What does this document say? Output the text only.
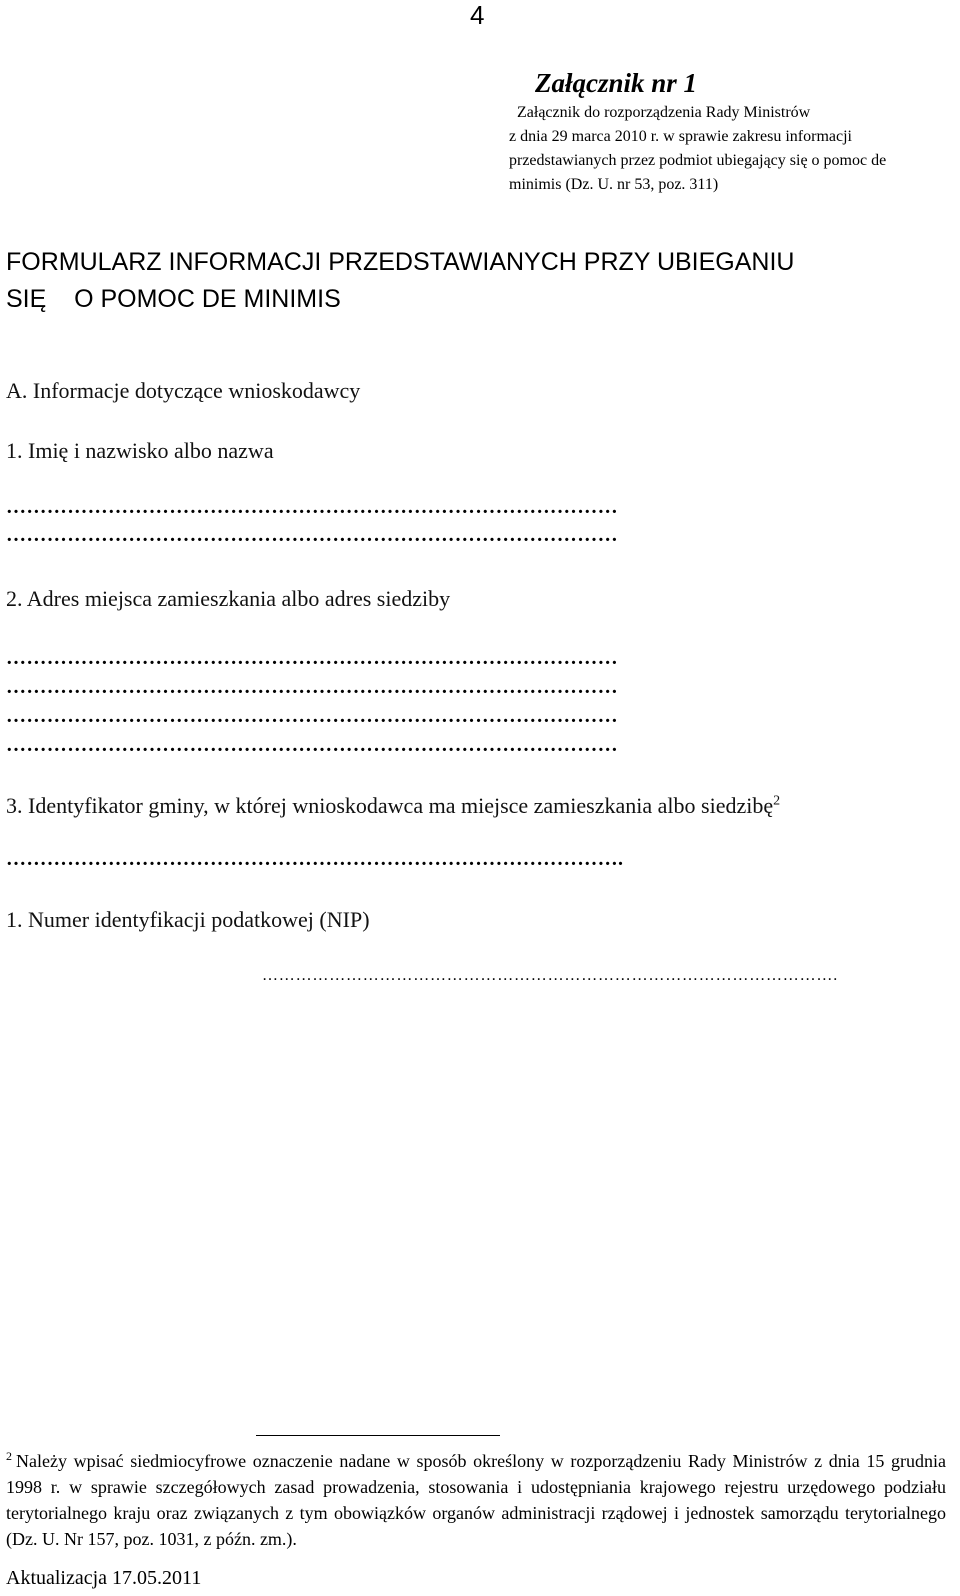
4
Załącznik nr 1
Załącznik do rozporządzenia Rady Ministrów
z dnia 29 marca 2010 r. w sprawie zakresu informacji
przedstawianych przez podmiot ubiegający się o pomoc de
minimis (Dz. U. nr 53, poz. 311)
FORMULARZ INFORMACJI PRZEDSTAWIANYCH PRZY UBIEGANIU
SIĘ    O POMOC DE MINIMIS
A. Informacje dotyczące wnioskodawcy
1. Imię i nazwisko albo nazwa
………………………………………………………………………………
………………………………………………………………………………
2. Adres miejsca zamieszkania albo adres siedziby
………………………………………………………………………………
………………………………………………………………………………
………………………………………………………………………………
………………………………………………………………………………
3. Identyfikator gminy, w której wnioskodawca ma miejsce zamieszkania albo siedzibę$^2$
……………………………………………………………………………….
1. Numer identyfikacji podatkowej (NIP)
………………………………………………………………………………………….
$^2$ Należy wpisać siedmiocyfrowe oznaczenie nadane w sposób określony w rozporządzeniu Rady Ministrów z dnia 15 grudnia 1998 r. w sprawie szczegółowych zasad prowadzenia, stosowania i udostępniania krajowego rejestru urzędowego podziału terytorialnego kraju oraz związanych z tym obowiązków organów administracji rządowej i jednostek samorządu terytorialnego (Dz. U. Nr 157, poz. 1031, z późn. zm.).
Aktualizacja 17.05.2011
